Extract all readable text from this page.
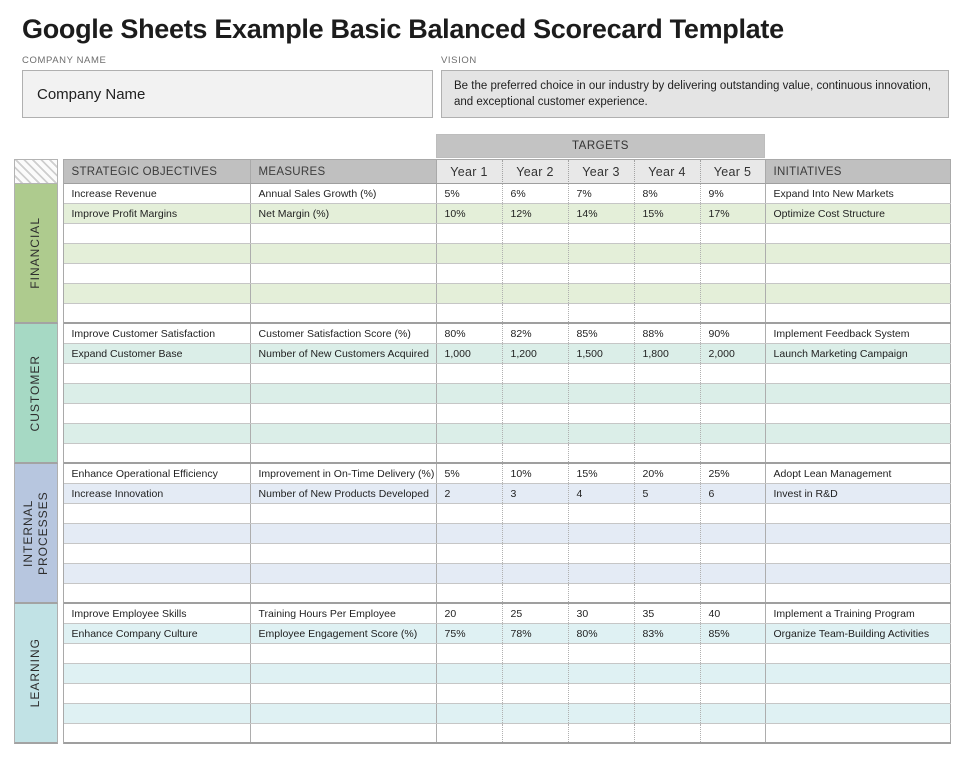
Google Sheets Example Basic Balanced Scorecard Template
COMPANY NAME
Company Name
VISION
Be the preferred choice in our industry by delivering outstanding value, continuous innovation, and exceptional customer experience.
TARGETS
STRATEGIC OBJECTIVES	MEASURES	Year 1	Year 2	Year 3	Year 4	Year 5	INITIATIVES
FINANCIAL
Increase Revenue	Annual Sales Growth (%)	5%	6%	7%	8%	9%	Expand Into New Markets
Improve Profit Margins	Net Margin (%)	10%	12%	14%	15%	17%	Optimize Cost Structure
CUSTOMER
Improve Customer Satisfaction	Customer Satisfaction Score (%)	80%	82%	85%	88%	90%	Implement Feedback System
Expand Customer Base	Number of New Customers Acquired	1,000	1,200	1,500	1,800	2,000	Launch Marketing Campaign
INTERNAL PROCESSES
Enhance Operational Efficiency	Improvement in On-Time Delivery (%) 5%	10%	15%	20%	25%	Adopt Lean Management
Increase Innovation	Number of New Products Developed	2	3	4	5	6	Invest in R&D
LEARNING
Improve Employee Skills	Training Hours Per Employee	20	25	30	35	40	Implement a Training Program
Enhance Company Culture	Employee Engagement Score (%)	75%	78%	80%	83%	85%	Organize Team-Building Activities
